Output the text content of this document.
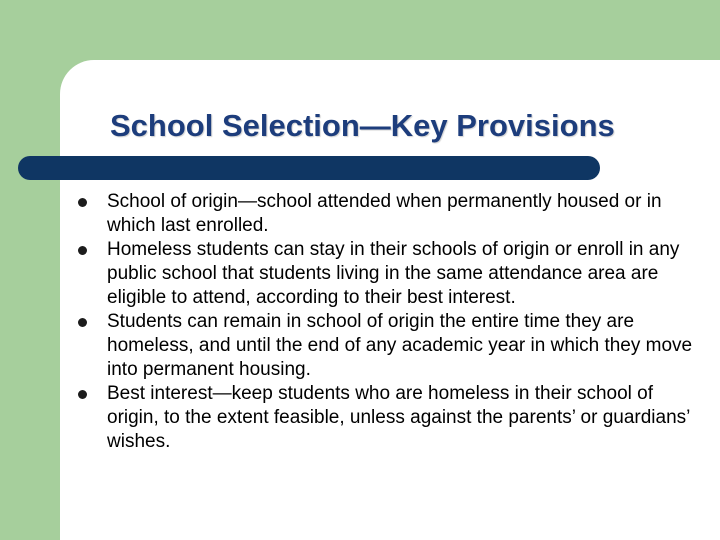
School Selection—Key Provisions
School of origin—school attended when permanently housed or in which last enrolled.
Homeless students can stay in their schools of origin or enroll in any public school that students living in the same attendance area are eligible to attend, according to their best interest.
Students can remain in school of origin the entire time they are homeless, and until the end of any academic year in which they move into permanent housing.
Best interest—keep students who are homeless in their school of origin, to the extent feasible, unless against the parents’ or guardians’ wishes.
